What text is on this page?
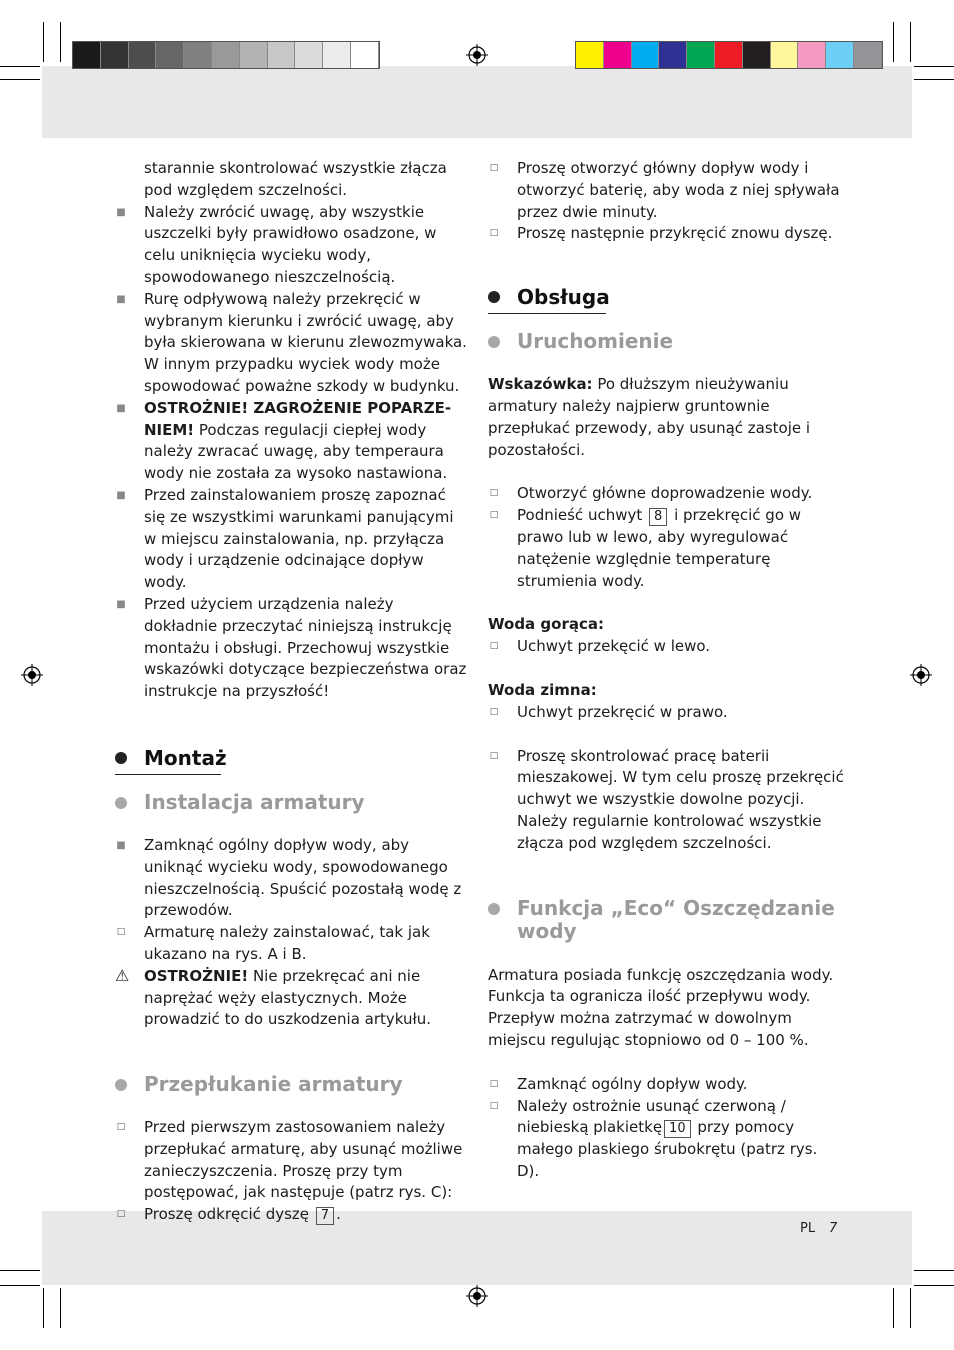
starannie skontrolować wszystkie złącza pod względem szczelności.
■ Należy zwrócić uwagę, aby wszystkie uszczelki były prawidłowo osadzone, w celu uniknięcia wycieku wody, spowodowanego nieszczelnością.
■ Rurę odpływową należy przekręcić w wybranym kierunku i zwrócić uwagę, aby była skierowana w kierunu zlewozmywaka. W innym przypadku wyciek wody może spowodować poważne szkody w budynku.
■ OSTROŻNIE! ZAGROŻENIE POPARZENIEM! Podczas regulacji ciepłej wody należy zwracać uwagę, aby temperaura wody nie została za wysoko nastawiona.
■ Przed zainstalowaniem proszę zapoznać się ze wszystkimi warunkami panującymi w miejscu zainstalowania, np. przyłącza wody i urządzenie odcinające dopływ wody.
■ Przed użyciem urządzenia należy dokładnie przeczytać niniejszą instrukcję montażu i obsługi. Przechowuj wszystkie wskazówki dotyczące bezpieczeństwa oraz instrukcje na przyszłość!
Montaż
Instalacja armatury
■ Zamknąć ogólny dopływ wody, aby uniknąć wycieku wody, spowodowanego nieszczelnością. Spuścić pozostałą wodę z przewodów.
□ Armaturę należy zainstalować, tak jak ukazano na rys. A i B.
⚠ OSTROŻNIE! Nie przekręcać ani nie naprężać węży elastycznych. Może prowadzić to do uszkodzenia artykułu.
Przepłukanie armatury
□ Przed pierwszym zastosowaniem należy przepłukać armaturę, aby usunąć możliwe zanieczyszczenia. Proszę przy tym postępować, jak następuje (patrz rys. C):
□ Proszę odkręcić dyszę 7 .
□ Proszę otworzyć główny dopływ wody i otworzyć baterię, aby woda z niej spływała przez dwie minuty.
□ Proszę następnie przykręcić znowu dyszę.
Obsługa
Uruchomienie
Wskazówka: Po dłuższym nieużywaniu armatury należy najpierw gruntownie przepłukać przewody, aby usunąć zastoje i pozostałości.
□ Otworzyć główne doprowadzenie wody.
□ Podnieść uchwyt 8 i przekręcić go w prawo lub w lewo, aby wyregulować natężenie względnie temperaturę strumienia wody.
Woda gorąca:
□ Uchwyt przekęcić w lewo.
Woda zimna:
□ Uchwyt przekręcić w prawo.
□ Proszę skontrolować pracę baterii mieszakowej. W tym celu proszę przekręcić uchwyt we wszystkie dowolne pozycji. Należy regularnie kontrolować wszystkie złącza pod względem szczelności.
Funkcja „Eco“ Oszczędzanie wody
Armatura posiada funkcję oszczędzania wody. Funkcja ta ogranicza ilość przepływu wody. Przepływ można zatrzymać w dowolnym miejscu regulując stopniowo od 0 – 100 %.
□ Zamknąć ogólny dopływ wody.
□ Należy ostrożnie usunąć czerwoną / niebieską plakietkę 10 przy pomocy małego plaskiego śrubokrętu (patrz rys. D).
PL 7
